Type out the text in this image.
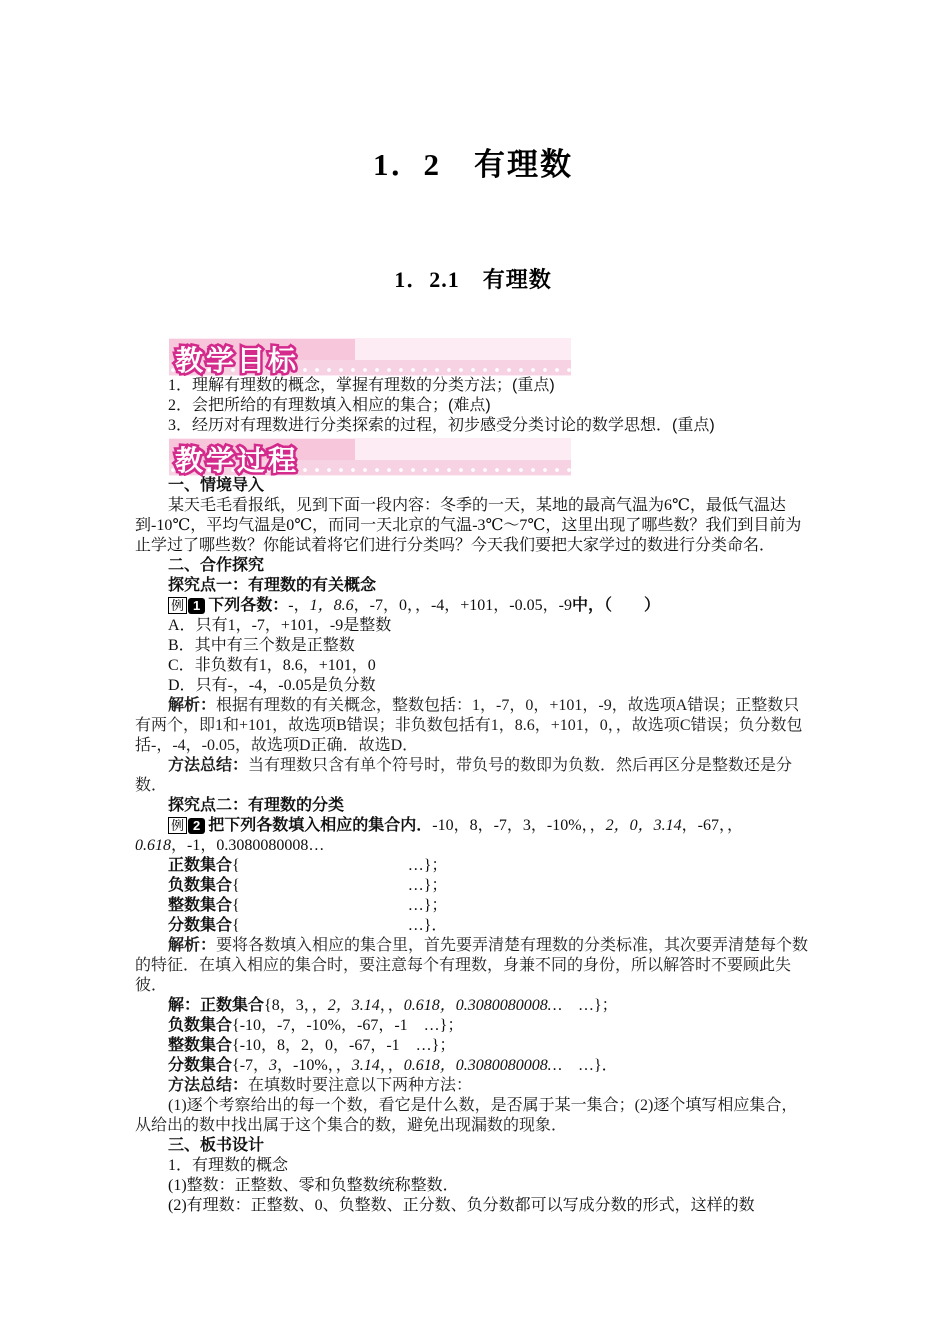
1．2　有理数
1．2.1　有理数
教学目标

1．理解有理数的概念，掌握有理数的分类方法；(重点)

2．会把所给的有理数填入相应的集合；(难点)

3．经历对有理数进行分类探索的过程，初步感受分类讨论的数学思想．(重点)

教学过程

一、情境导入

某天毛毛看报纸，见到下面一段内容：冬季的一天，某地的最高气温为6℃，最低气温达到-10℃，平均气温是0℃，而同一天北京的气温-3℃～7℃，这里出现了哪些数？我们到目前为止学过了哪些数？你能试着将它们进行分类吗？今天我们要把大家学过的数进行分类命名．

二、合作探究

探究点一：有理数的有关概念

例 1 下列各数：-，1，8.6，-7，0，，-4，+101，-0.05，-9中，（　　）

A．只有1，-7，+101，-9是整数

B．其中有三个数是正整数

C．非负数有1，8.6，+101，0

D．只有-，-4，-0.05是负分数

解析：根据有理数的有关概念，整数包括：1，-7，0，+101，-9，故选项A错误；正整数只有两个，即1和+101，故选项B错误；非负数包括有1，8.6，+101，0，，故选项C错误；负分数包括-，-4，-0.05，故选项D正确．故选D．

方法总结：当有理数只含有单个符号时，带负号的数即为负数．然后再区分是整数还是分数．

探究点二：有理数的分类

例 2 把下列各数填入相应的集合内．-10，8，-7，3，-10%，，2，0，3.14，-67，，0.618，-1，0.3080080008…

正数集合{	…}；

负数集合{	…}；

整数集合{	…}；

分数集合{	…}．

解析：要将各数填入相应的集合里，首先要弄清楚有理数的分类标准，其次要弄清楚每个数的特征．在填入相应的集合时，要注意每个有理数，身兼不同的身份，所以解答时不要顾此失彼．

解：正数集合{8，3，，2，3.14，，0.618，0.3080080008…　…}；

负数集合{-10，-7，-10%，-67，-1　…}；

整数集合{-10，8，2，0，-67，-1　…}；

分数集合{-7，3，-10%，，3.14，，0.618，0.3080080008…　…}．

方法总结：在填数时要注意以下两种方法：

(1)逐个考察给出的每一个数，看它是什么数，是否属于某一集合；(2)逐个填写相应集合，从给出的数中找出属于这个集合的数，避免出现漏数的现象．

三、板书设计

1．有理数的概念

(1)整数：正整数、零和负整数统称整数．

(2)有理数：正整数、0、负整数、正分数、负分数都可以写成分数的形式，这样的数
